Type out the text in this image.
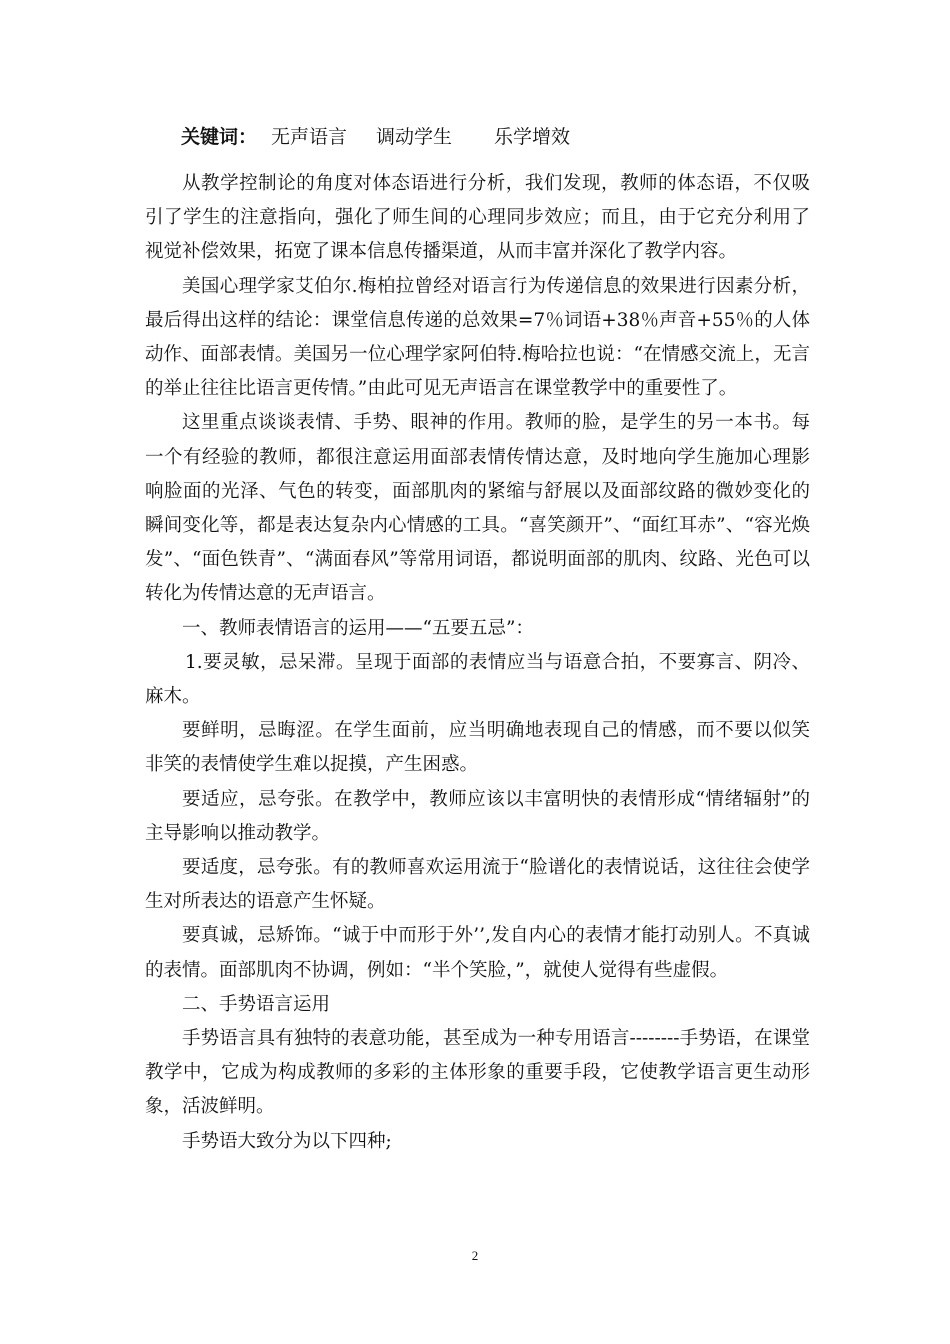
关键词： 无声语言 调动学生 乐学增效

从教学控制论的角度对体态语进行分析，我们发现，教师的体态语，不仅吸引了学生的注意指向，强化了师生间的心理同步效应；而且，由于它充分利用了视觉补偿效果，拓宽了课本信息传播渠道，从而丰富并深化了教学内容。

美国心理学家艾伯尔.梅柏拉曾经对语言行为传递信息的效果进行因素分析，最后得出这样的结论：课堂信息传递的总效果=7％词语+38％声音+55％的人体动作、面部表情。美国另一位心理学家阿伯特.梅哈拉也说：“在情感交流上，无言的举止往往比语言更传情。”由此可见无声语言在课堂教学中的重要性了。

这里重点谈谈表情、手势、眼神的作用。教师的脸，是学生的另一本书。每一个有经验的教师，都很注意运用面部表情传情达意，及时地向学生施加心理影响脸面的光泽、气色的转变，面部肌肉的紧缩与舒展以及面部纹路的微妙变化的瞬间变化等，都是表达复杂内心情感的工具。“喜笑颜开”、“面红耳赤”、“容光焕发”、“面色铁青”、“满面春风”等常用词语，都说明面部的肌肉、纹路、光色可以转化为传情达意的无声语言。

一、教师表情语言的运用——“五要五忌”：

1.要灵敏，忌呆滞。呈现于面部的表情应当与语意合拍，不要寡言、阴冷、麻木。

要鲜明，忌晦涩。在学生面前，应当明确地表现自己的情感，而不要以似笑非笑的表情使学生难以捉摸，产生困惑。

要适应，忌夸张。在教学中，教师应该以丰富明快的表情形成“情绪辐射”的主导影响以推动教学。

要适度，忌夸张。有的教师喜欢运用流于“脸谱化的表情说话，这往往会使学生对所表达的语意产生怀疑。

要真诚，忌矫饰。“诚于中而形于外’’,发自内心的表情才能打动别人。不真诚的表情。面部肌肉不协调，例如：“半个笑脸，”，就使人觉得有些虚假。

二、手势语言运用

手势语言具有独特的表意功能，甚至成为一种专用语言--------手势语，在课堂教学中，它成为构成教师的多彩的主体形象的重要手段，它使教学语言更生动形象，活波鲜明。

手势语大致分为以下四种;

2
